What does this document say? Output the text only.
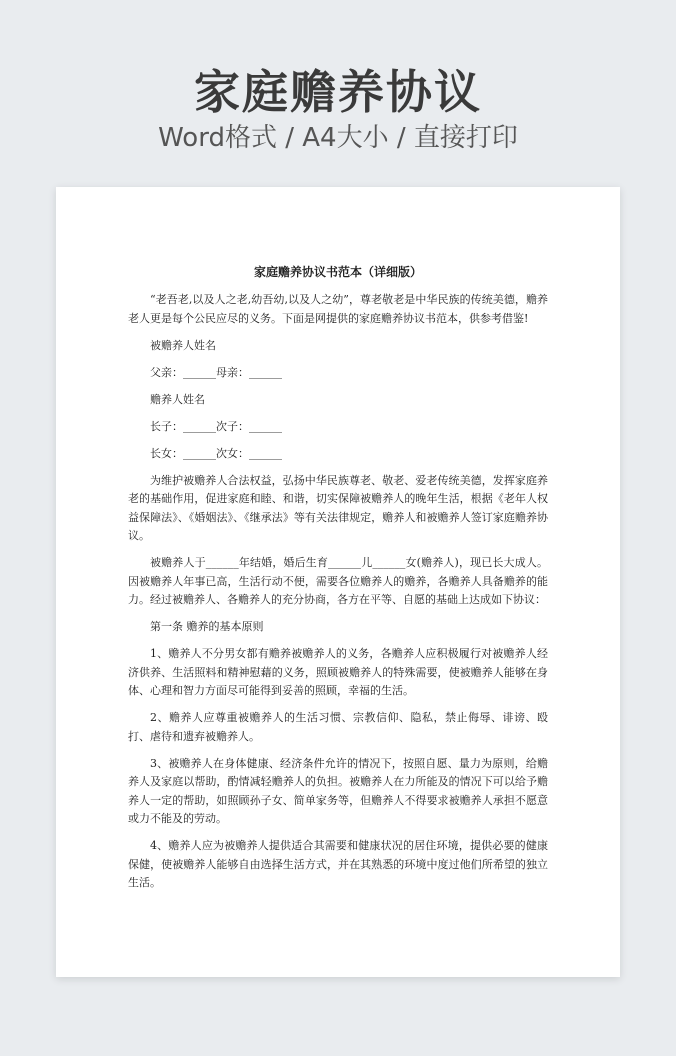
家庭赡养协议
Word格式 / A4大小 / 直接打印
家庭赡养协议书范本（详细版）
“老吾老,以及人之老,幼吾幼,以及人之幼”，尊老敬老是中华民族的传统美德，赡养老人更是每个公民应尽的义务。下面是网提供的家庭赡养协议书范本，供参考借鉴!
被赡养人姓名
父亲：______母亲：______
赡养人姓名
长子：______次子：______
长女：______次女：______
为维护被赡养人合法权益，弘扬中华民族尊老、敬老、爱老传统美德，发挥家庭养老的基础作用，促进家庭和睦、和谐，切实保障被赡养人的晚年生活，根据《老年人权益保障法》、《婚姻法》、《继承法》等有关法律规定，赡养人和被赡养人签订家庭赡养协议。
被赡养人于______年结婚，婚后生育______儿______女(赡养人)，现已长大成人。因被赡养人年事已高，生活行动不便，需要各位赡养人的赡养，各赡养人具备赡养的能力。经过被赡养人、各赡养人的充分协商，各方在平等、自愿的基础上达成如下协议：
第一条 赡养的基本原则
1、赡养人不分男女都有赡养被赡养人的义务，各赡养人应积极履行对被赡养人经济供养、生活照料和精神慰藉的义务，照顾被赡养人的特殊需要，使被赡养人能够在身体、心理和智力方面尽可能得到妥善的照顾，幸福的生活。
2、赡养人应尊重被赡养人的生活习惯、宗教信仰、隐私，禁止侮辱、诽谤、殴打、虐待和遗弃被赡养人。
3、被赡养人在身体健康、经济条件允许的情况下，按照自愿、量力为原则，给赡养人及家庭以帮助，酌情减轻赡养人的负担。被赡养人在力所能及的情况下可以给予赡养人一定的帮助，如照顾孙子女、简单家务等，但赡养人不得要求被赡养人承担不愿意或力不能及的劳动。
4、赡养人应为被赡养人提供适合其需要和健康状况的居住环境，提供必要的健康保健，使被赡养人能够自由选择生活方式，并在其熟悉的环境中度过他们所希望的独立生活。
